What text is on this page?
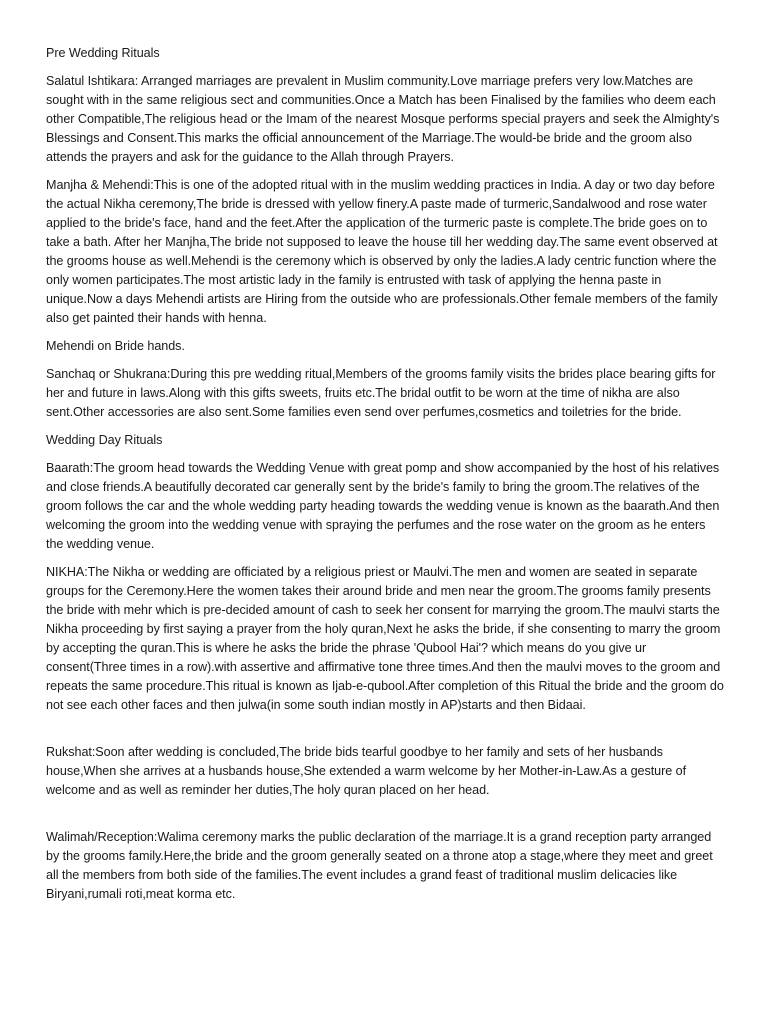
Pre Wedding Rituals

Salatul Ishtikara: Arranged marriages are prevalent in Muslim community.Love marriage prefers very low.Matches are sought with in the same religious sect and communities.Once a Match has been Finalised by the families who deem each other Compatible,The religious head or the Imam of the nearest Mosque performs special prayers and seek the Almighty's Blessings and Consent.This marks the official announcement of the Marriage.The would-be bride and the groom also attends the prayers and ask for the guidance to the Allah through Prayers.

Manjha & Mehendi:This is one of the adopted ritual with in the muslim wedding practices in India. A day or two day before the actual Nikha ceremony,The bride is dressed with yellow finery.A paste made of turmeric,Sandalwood and rose water applied to the bride's face, hand and the feet.After the application of the turmeric paste is complete.The bride goes on to take a bath. After her Manjha,The bride not supposed to leave the house till her wedding day.The same event observed at the grooms house as well.Mehendi is the ceremony which is observed by only the ladies.A lady centric function where the only women participates.The most artistic lady in the family is entrusted with task of applying the henna paste in unique.Now a days Mehendi artists are Hiring from the outside who are professionals.Other female members of the family also get painted their hands with henna.

Mehendi on Bride hands.

Sanchaq or Shukrana:During this pre wedding ritual,Members of the grooms family visits the brides place bearing gifts for her and future in laws.Along with this gifts sweets, fruits etc.The bridal outfit to be worn at the time of nikha are also sent.Other accessories are also sent.Some families even send over perfumes,cosmetics and toiletries for the bride.

Wedding Day Rituals

Baarath:The groom head towards the Wedding Venue with great pomp and show accompanied by the host of his relatives and close friends.A beautifully decorated car generally sent by the bride's family to bring the groom.The relatives of the groom follows the car and the whole wedding party heading towards the wedding venue is known as the baarath.And then welcoming the groom into the wedding venue with spraying the perfumes and the rose water on the groom as he enters the wedding venue.

NIKHA:The Nikha or wedding are officiated by a religious priest or Maulvi.The men and women are seated in separate groups for the Ceremony.Here the women takes their around bride and men near the groom.The grooms family presents the bride with mehr which is pre-decided amount of cash to seek her consent for marrying the groom.The maulvi starts the Nikha proceeding by first saying a prayer from the holy quran,Next he asks the bride, if she consenting to marry the groom by accepting the quran.This is where he asks the bride the phrase 'Qubool Hai'? which means do you give ur consent(Three times in a row).with assertive and affirmative tone three times.And then the maulvi moves to the groom and repeats the same procedure.This ritual is known as Ijab-e-qubool.After completion of this Ritual the bride and the groom do not see each other faces and then julwa(in some south indian mostly in AP)starts and then Bidaai.

Rukshat:Soon after wedding is concluded,The bride bids tearful goodbye to her family and sets of her husbands house,When she arrives at a husbands house,She extended a warm welcome by her Mother-in-Law.As a gesture of welcome and as well as reminder her duties,The holy quran placed on her head.

Walimah/Reception:Walima ceremony marks the public declaration of the marriage.It is a grand reception party arranged by the grooms family.Here,the bride and the groom generally seated on a throne atop a stage,where they meet and greet all the members from both side of the families.The event includes a grand feast of traditional muslim delicacies like Biryani,rumali roti,meat korma etc.
